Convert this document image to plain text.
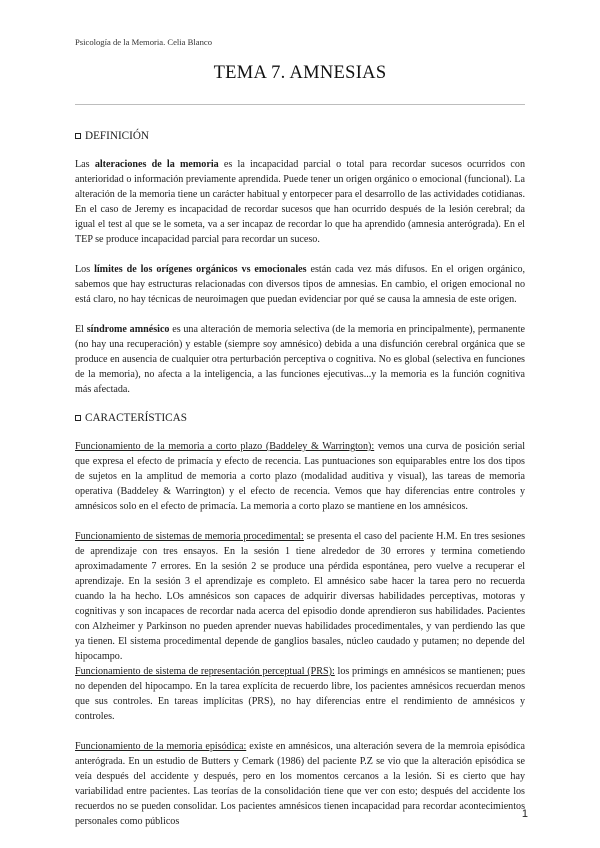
Psicología de la Memoria. Celia Blanco
TEMA 7. AMNESIAS
DEFINICIÓN

Las alteraciones de la memoria es la incapacidad parcial o total para recordar sucesos ocurridos con anterioridad o información previamente aprendida. Puede tener un origen orgánico o emocional (funcional). La alteración de la memoria tiene un carácter habitual y entorpecer para el desarrollo de las actividades cotidianas. En el caso de Jeremy es incapacidad de recordar sucesos que han ocurrido después de la lesión cerebral; da igual el test al que se le someta, va a ser incapaz de recordar lo que ha aprendido (amnesia anterógrada). En el TEP se produce incapacidad parcial para recordar un suceso.

Los límites de los orígenes orgánicos vs emocionales están cada vez más difusos. En el origen orgánico, sabemos que hay estructuras relacionadas con diversos tipos de amnesias. En cambio, el origen emocional no está claro, no hay técnicas de neuroimagen que puedan evidenciar por qué se causa la amnesia de este origen.

El síndrome amnésico es una alteración de memoria selectiva (de la memoria en principalmente), permanente (no hay una recuperación) y estable (siempre soy amnésico) debida a una disfunción cerebral orgánica que se produce en ausencia de cualquier otra perturbación perceptiva o cognitiva. No es global (selectiva en funciones de la memoria), no afecta a la inteligencia, a las funciones ejecutivas...y la memoria es la función cognitiva más afectada.

CARACTERÍSTICAS

Funcionamiento de la memoria a corto plazo (Baddeley & Warrington): vemos una curva de posición serial que expresa el efecto de primacía y efecto de recencia. Las puntuaciones son equiparables entre los dos tipos de sujetos en la amplitud de memoria a corto plazo (modalidad auditiva y visual), las tareas de memoria operativa (Baddeley & Warrington) y el efecto de recencia. Vemos que hay diferencias entre controles y amnésicos solo en el efecto de primacía. La memoria a corto plazo se mantiene en los amnésicos.

Funcionamiento de sistemas de memoria procedimental: se presenta el caso del paciente H.M. En tres sesiones de aprendizaje con tres ensayos. En la sesión 1 tiene alrededor de 30 errores y termina cometiendo aproximadamente 7 errores. En la sesión 2 se produce una pérdida espontánea, pero vuelve a recuperar el aprendizaje. En la sesión 3 el aprendizaje es completo. El amnésico sabe hacer la tarea pero no recuerda cuando la ha hecho. LOs amnésicos son capaces de adquirir diversas habilidades perceptivas, motoras y cognitivas y son incapaces de recordar nada acerca del episodio donde aprendieron sus habilidades. Pacientes con Alzheimer y Parkinson no pueden aprender nuevas habilidades procedimentales, y van perdiendo las que ya tienen. El sistema procedimental depende de ganglios basales, núcleo caudado y putamen; no depende del hipocampo.

Funcionamiento de sistema de representación perceptual (PRS): los primings en amnésicos se mantienen; pues no dependen del hipocampo. En la tarea explícita de recuerdo libre, los pacientes amnésicos recuerdan menos que sus controles. En tareas implícitas (PRS), no hay diferencias entre el rendimiento de amnésicos y controles.

Funcionamiento de la memoria episódica: existe en amnésicos, una alteración severa de la memroia episódica anterógrada. En un estudio de Butters y Cemark (1986) del paciente P.Z se vio que la alteración episódica se veía después del accidente y después, pero en los momentos cercanos a la lesión. Si es cierto que hay variabilidad entre pacientes. Las teorías de la consolidación tiene que ver con esto; después del accidente los recuerdos no se pueden consolidar. Los pacientes amnésicos tienen incapacidad para recordar acontecimientos personales como públicos

1
